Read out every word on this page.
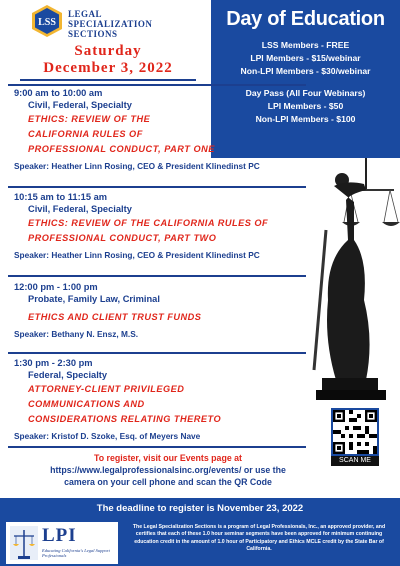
LSS
LEGAL
SPECIALIZATION
SECTIONS
Saturday
December 3, 2022
Day of Education
LSS Members - FREE
LPI Members - $15/webinar
Non-LPI Members - $30/webinar
Day Pass (All Four Webinars)
LPI Members - $50
Non-LPI Members - $100
9:00 am to 10:00 am
Civil, Federal, Specialty
ETHICS: REVIEW OF THE
CALIFORNIA RULES OF
PROFESSIONAL CONDUCT, PART ONE
Speaker: Heather Linn Rosing, CEO & President Klinedinst PC
10:15 am to 11:15 am
Civil, Federal, Specialty
ETHICS: REVIEW OF THE CALIFORNIA RULES OF
PROFESSIONAL CONDUCT, PART TWO
Speaker: Heather Linn Rosing, CEO & President Klinedinst PC
12:00 pm - 1:00 pm
Probate, Family Law, Criminal
ETHICS AND CLIENT TRUST FUNDS
Speaker: Bethany N. Ensz, M.S.
1:30 pm - 2:30 pm
Federal, Specialty
ATTORNEY-CLIENT PRIVILEGED
COMMUNICATIONS AND
CONSIDERATIONS RELATING THERETO
Speaker: Kristof D. Szoke, Esq. of Meyers Nave
SCAN ME
To register, visit our Events page at
https://www.legalprofessionalsinc.org/events/ or use the
camera on your cell phone and scan the QR Code
The deadline to register is November 23, 2022
LPI
Educating California's Legal Support Professionals
The Legal Specialization Sections is a program of Legal Professionals, Inc., an approved provider, and certifies that each of these 1.0 hour seminar segments have been approved for minimum continuing education credit in the amount of 1.0 hour of Participatory and Ethics MCLE credit by the State Bar of California.
